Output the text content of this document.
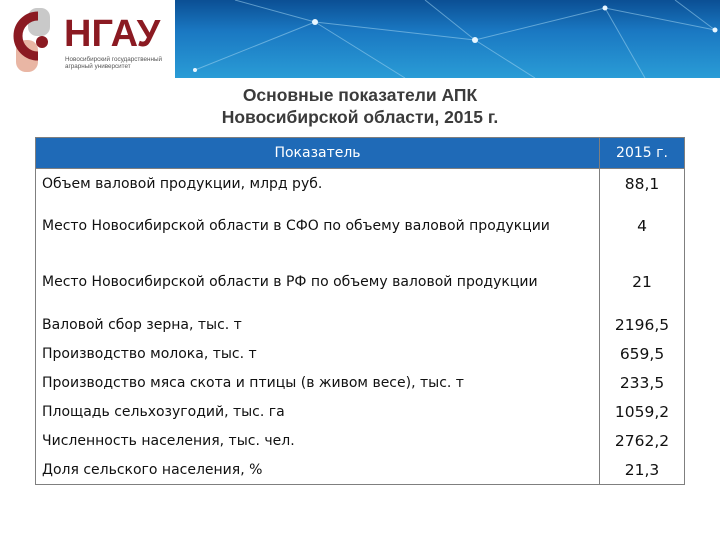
НГАУ
Новосибирский государственный аграрный университет
Основные показатели АПК
Новосибирской области, 2015 г.
Показатель	2015 г.
Объем валовой продукции, млрд руб.	88,1
Место Новосибирской области в СФО по объему валовой продукции	4
Место Новосибирской области в РФ по объему валовой продукции	21
Валовой сбор зерна, тыс. т	2196,5
Производство молока, тыс. т	659,5
Производство мяса скота и птицы (в живом весе), тыс. т	233,5
Площадь сельхозугодий, тыс. га	1059,2
Численность населения, тыс. чел.	2762,2
Доля сельского населения, %	21,3
